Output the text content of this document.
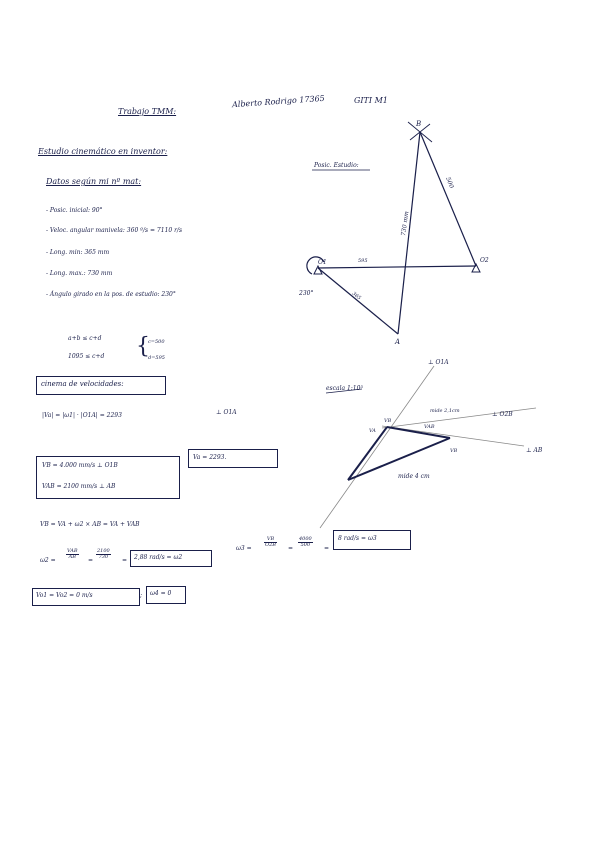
Trabajo TMM:
Alberto Rodrigo 17365	GITI M1
Estudio cinemático en inventor:
Datos según mi nº mat:
- Posic. inicial: 90°
- Veloc. angular manivela: 360 º/s = 7110 r/s
- Long. min: 365 mm
- Long. max.: 730 mm
- Ángulo girado en la pos. de estudio: 230°
a+b ≤ c+d
1095 ≤ c+d {
c=500
d=595
cinema de velocidades:
|Va| = |ω1| · |O1A| = 2293	⊥ O1A
VB = 4.000 mm/s ⊥ O1B
VAB = 2100 mm/s ⊥ AB
Va = 2293.
VB = VA + ω2 × AB = VA + VAB
ω2 =
VAB
AB	= $\frac{2100}{730} = 2,88$ rad/s = ω2
$\omega 3 = \frac{VB}{O2B} = \frac{4000}{500}$ =
8 rad/s = ω3
Vo1 = Vo2 = 0 m/s	; ω4 = 0
Posic. Estudio:
B
A
O1	O2
730 mm
500
595
365
230°
escala 1:10³
⊥ O1A
⊥ O2B
⊥ AB
VA
VB
VAB
VB
mide 2,1cm
mide 4 cm
